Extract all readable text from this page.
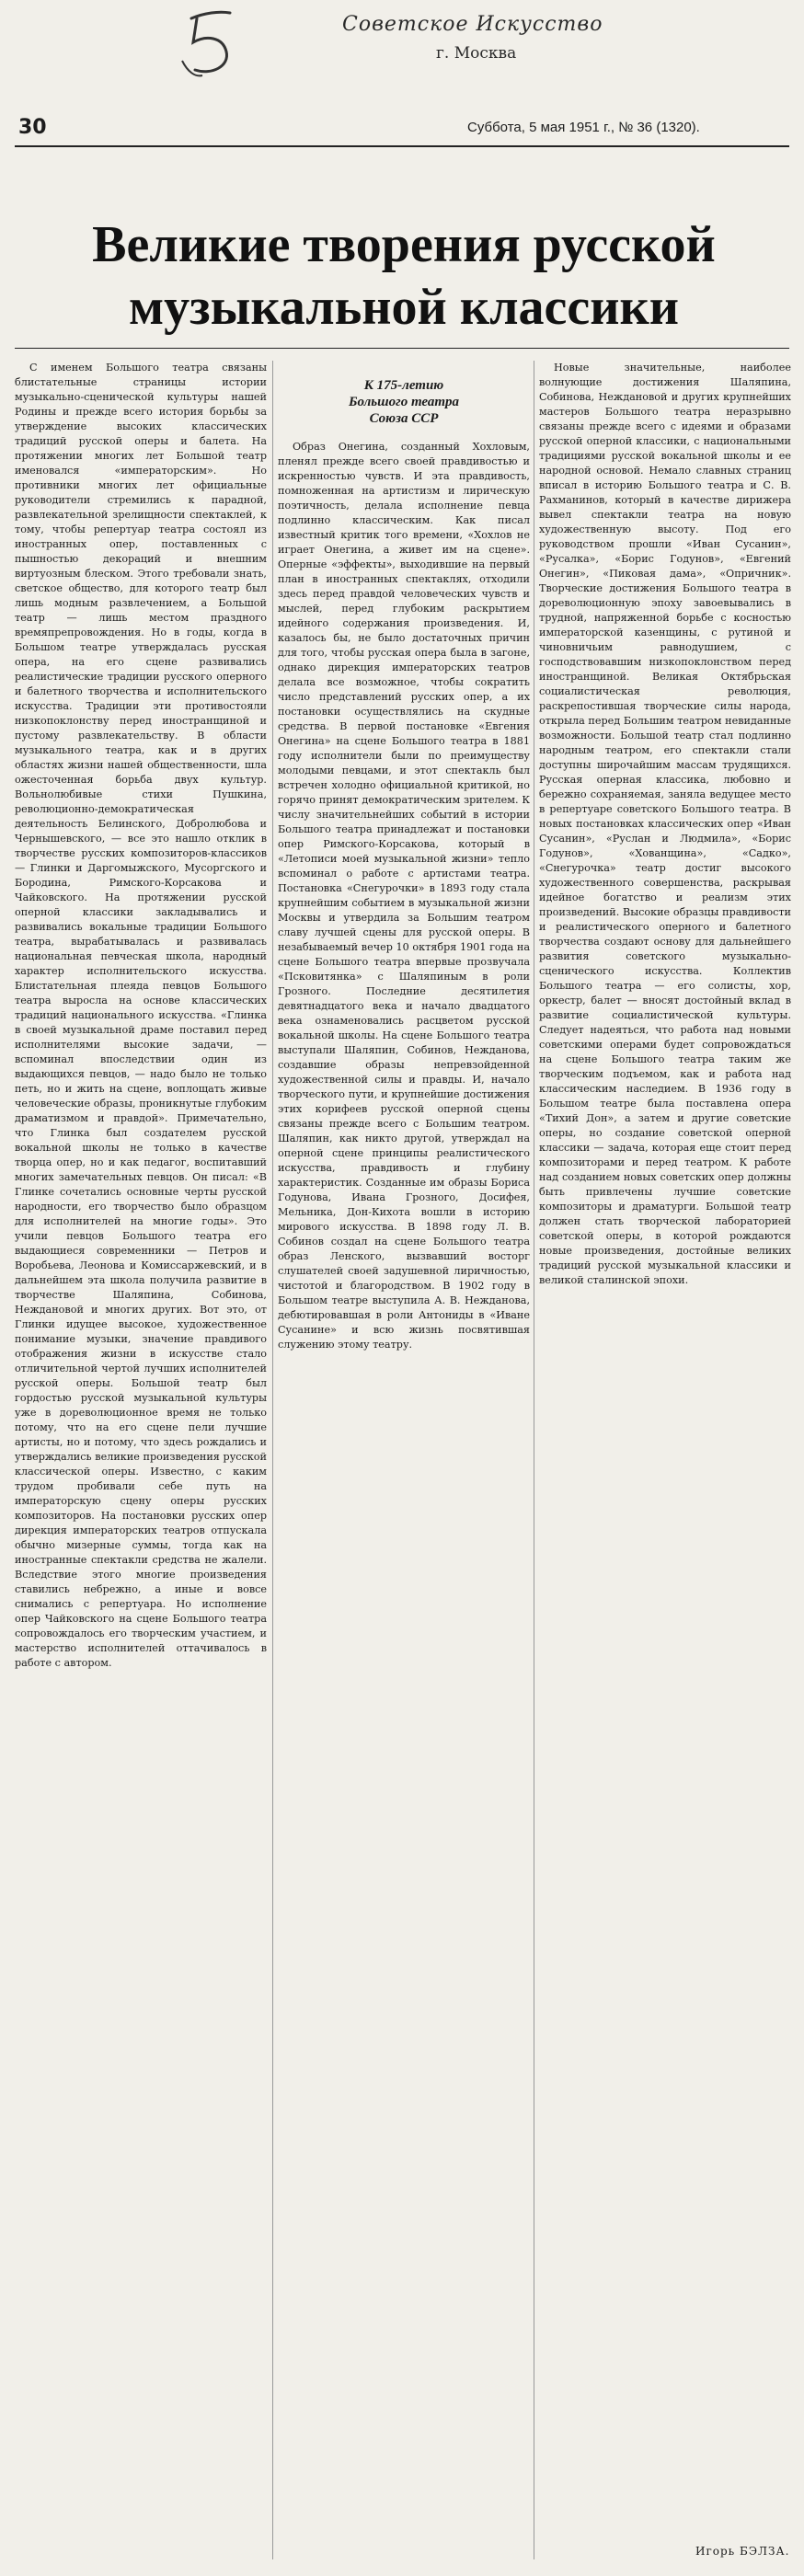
Советское Искусство
г. Москва
30	Суббота, 5 мая 1951 г., № 36 (1320).
Великие творения русской
музыкальной классики

С именем Большого театра связаны блистательные страницы истории музыкально-сценической культуры нашей Родины и прежде всего история борьбы за утверждение высоких классических традиций русской оперы и балета. На протяжении многих лет Большой театр именовался «императорским». Но противники многих лет официальные руководители стремились к парадной, развлекательной зрелищности спектаклей, к тому, чтобы репертуар театра состоял из иностранных опер, поставленных с пышностью декораций и внешним виртуозным блеском. Этого требовали знать, светское общество, для которого театр был лишь модным развлечением, а Большой театр — лишь местом праздного времяпрепровождения. Но в годы, когда в Большом театре утверждалась русская опера, на его сцене развивались реалистические традиции русского оперного и балетного творчества и исполнительского искусства. Традиции эти противостояли низкопоклонству перед иностранщиной и пустому развлекательству. В области музыкального театра, как и в других областях жизни нашей общественности, шла ожесточенная борьба двух культур. Вольнолюбивые стихи Пушкина, революционно-демократическая деятельность Белинского, Добролюбова и Чернышевского, — все это нашло отклик в творчестве русских композиторов-классиков — Глинки и Даргомыжского, Мусоргского и Бородина, Римского-Корсакова и Чайковского. На протяжении русской оперной классики закладывались и развивались вокальные традиции Большого театра, вырабатывалась и развивалась национальная певческая школа, народный характер исполнительского искусства. Блистательная плеяда певцов Большого театра выросла на основе классических традиций национального искусства. «Глинка в своей музыкальной драме поставил перед исполнителями высокие задачи, — вспоминал впоследствии один из выдающихся певцов, — надо было не только петь, но и жить на сцене, воплощать живые человеческие образы, проникнутые глубоким драматизмом и правдой». Примечательно, что Глинка был создателем русской вокальной школы не только в качестве творца опер, но и как педагог, воспитавший многих замечательных певцов. Он писал: «В Глинке сочетались основные черты русской народности, его творчество было образцом для исполнителей на многие годы». Это учили певцов Большого театра его выдающиеся современники — Петров и Воробьева, Леонова и Комиссаржевский, и в дальнейшем эта школа получила развитие в творчестве Шаляпина, Собинова, Неждановой и многих других. Вот это, от Глинки идущее высокое, художественное понимание музыки, значение правдивого отображения жизни в искусстве стало отличительной чертой лучших исполнителей русской оперы. Большой театр был гордостью русской музыкальной культуры уже в дореволюционное время не только потому, что на его сцене пели лучшие артисты, но и потому, что здесь рождались и утверждались великие произведения русской классической оперы. Известно, с каким трудом пробивали себе путь на императорскую сцену оперы русских композиторов. На постановки русских опер дирекция императорских театров отпускала обычно мизерные суммы, тогда как на иностранные спектакли средства не жалели. Вследствие этого многие произведения ставились небрежно, а иные и вовсе снимались с репертуара. Но исполнение опер Чайковского на сцене Большого театра сопровождалось его творческим участием, и мастерство исполнителей оттачивалось в работе с автором.

К 175-летию
Большого театра
Союза ССР

Образ Онегина, созданный Хохловым, пленял прежде всего своей правдивостью и искренностью чувств. И эта правдивость, помноженная на артистизм и лирическую поэтичность, делала исполнение певца подлинно классическим. Как писал известный критик того времени, «Хохлов не играет Онегина, а живет им на сцене». Оперные «эффекты», выходившие на первый план в иностранных спектаклях, отходили здесь перед правдой человеческих чувств и мыслей, перед глубоким раскрытием идейного содержания произведения. И, казалось бы, не было достаточных причин для того, чтобы русская опера была в загоне, однако дирекция императорских театров делала все возможное, чтобы сократить число представлений русских опер, а их постановки осуществлялись на скудные средства. В первой постановке «Евгения Онегина» на сцене Большого театра в 1881 году исполнители были по преимуществу молодыми певцами, и этот спектакль был встречен холодно официальной критикой, но горячо принят демократическим зрителем. К числу значительнейших событий в истории Большого театра принадлежат и постановки опер Римского-Корсакова, который в «Летописи моей музыкальной жизни» тепло вспоминал о работе с артистами театра. Постановка «Снегурочки» в 1893 году стала крупнейшим событием в музыкальной жизни Москвы и утвердила за Большим театром славу лучшей сцены для русской оперы. В незабываемый вечер 10 октября 1901 года на сцене Большого театра впервые прозвучала «Псковитянка» с Шаляпиным в роли Грозного. Последние десятилетия девятнадцатого века и начало двадцатого века ознаменовались расцветом русской вокальной школы. На сцене Большого театра выступали Шаляпин, Собинов, Нежданова, создавшие образы непревзойденной художественной силы и правды. И, начало творческого пути, и крупнейшие достижения этих корифеев русской оперной сцены связаны прежде всего с Большим театром. Шаляпин, как никто другой, утверждал на оперной сцене принципы реалистического искусства, правдивость и глубину характеристик. Созданные им образы Бориса Годунова, Ивана Грозного, Досифея, Мельника, Дон-Кихота вошли в историю мирового искусства. В 1898 году Л. В. Собинов создал на сцене Большого театра образ Ленского, вызвавший восторг слушателей своей задушевной лиричностью, чистотой и благородством. В 1902 году в Большом театре выступила А. В. Нежданова, дебютировавшая в роли Антониды в «Иване Сусанине» и всю жизнь посвятившая служению этому театру.

Новые значительные, наиболее волнующие достижения Шаляпина, Собинова, Неждановой и других крупнейших мастеров Большого театра неразрывно связаны прежде всего с идеями и образами русской оперной классики, с национальными традициями русской вокальной школы и ее народной основой. Немало славных страниц вписал в историю Большого театра и С. В. Рахманинов, который в качестве дирижера вывел спектакли театра на новую художественную высоту. Под его руководством прошли «Иван Сусанин», «Русалка», «Борис Годунов», «Евгений Онегин», «Пиковая дама», «Опричник». Творческие достижения Большого театра в дореволюционную эпоху завоевывались в трудной, напряженной борьбе с косностью императорской казенщины, с рутиной и чиновничьим равнодушием, с господствовавшим низкопоклонством перед иностранщиной. Великая Октябрьская социалистическая революция, раскрепостившая творческие силы народа, открыла перед Большим театром невиданные возможности. Большой театр стал подлинно народным театром, его спектакли стали доступны широчайшим массам трудящихся. Русская оперная классика, любовно и бережно сохраняемая, заняла ведущее место в репертуаре советского Большого театра. В новых постановках классических опер «Иван Сусанин», «Руслан и Людмила», «Борис Годунов», «Хованщина», «Садко», «Снегурочка» театр достиг высокого художественного совершенства, раскрывая идейное богатство и реализм этих произведений. Высокие образцы правдивости и реалистического оперного и балетного творчества создают основу для дальнейшего развития советского музыкально-сценического искусства. Коллектив Большого театра — его солисты, хор, оркестр, балет — вносят достойный вклад в развитие социалистической культуры. Следует надеяться, что работа над новыми советскими операми будет сопровождаться на сцене Большого театра таким же творческим подъемом, как и работа над классическим наследием. В 1936 году в Большом театре была поставлена опера «Тихий Дон», а затем и другие советские оперы, но создание советской оперной классики — задача, которая еще стоит перед композиторами и перед театром. К работе над созданием новых советских опер должны быть привлечены лучшие советские композиторы и драматурги. Большой театр должен стать творческой лабораторией советской оперы, в которой рождаются новые произведения, достойные великих традиций русской музыкальной классики и великой сталинской эпохи.

Игорь БЭЛЗА.
